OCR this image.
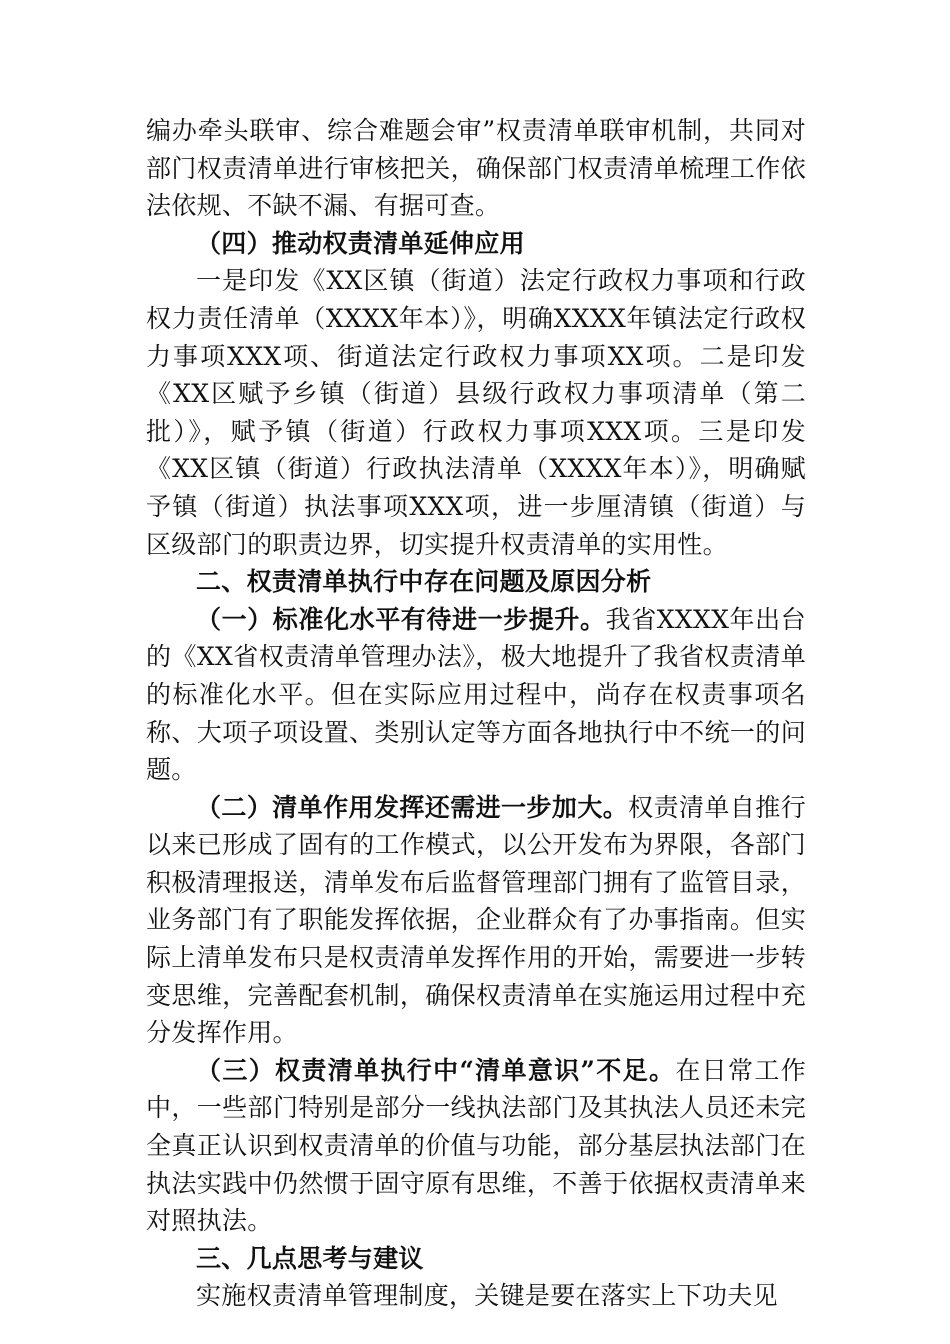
编办牵头联审、综合难题会审”权责清单联审机制，共同对部门权责清单进行审核把关，确保部门权责清单梳理工作依法依规、不缺不漏、有据可查。

（四）推动权责清单延伸应用

一是印发《XX区镇（街道）法定行政权力事项和行政权力责任清单（XXXX年本）》，明确XXXX年镇法定行政权力事项XXX项、街道法定行政权力事项XX项。二是印发《XX区赋予乡镇（街道）县级行政权力事项清单（第二批）》，赋予镇（街道）行政权力事项XXX项。三是印发《XX区镇（街道）行政执法清单（XXXX年本）》，明确赋予镇（街道）执法事项XXX项，进一步厘清镇（街道）与区级部门的职责边界，切实提升权责清单的实用性。

二、权责清单执行中存在问题及原因分析

（一）标准化水平有待进一步提升。我省XXXX年出台的《XX省权责清单管理办法》，极大地提升了我省权责清单的标准化水平。但在实际应用过程中，尚存在权责事项名称、大项子项设置、类别认定等方面各地执行中不统一的问题。

（二）清单作用发挥还需进一步加大。权责清单自推行以来已形成了固有的工作模式，以公开发布为界限，各部门积极清理报送，清单发布后监督管理部门拥有了监管目录，业务部门有了职能发挥依据，企业群众有了办事指南。但实际上清单发布只是权责清单发挥作用的开始，需要进一步转变思维，完善配套机制，确保权责清单在实施运用过程中充分发挥作用。

（三）权责清单执行中“清单意识”不足。在日常工作中，一些部门特别是部分一线执法部门及其执法人员还未完全真正认识到权责清单的价值与功能，部分基层执法部门在执法实践中仍然惯于固守原有思维，不善于依据权责清单来对照执法。

三、几点思考与建议

实施权责清单管理制度，关键是要在落实上下功夫见
